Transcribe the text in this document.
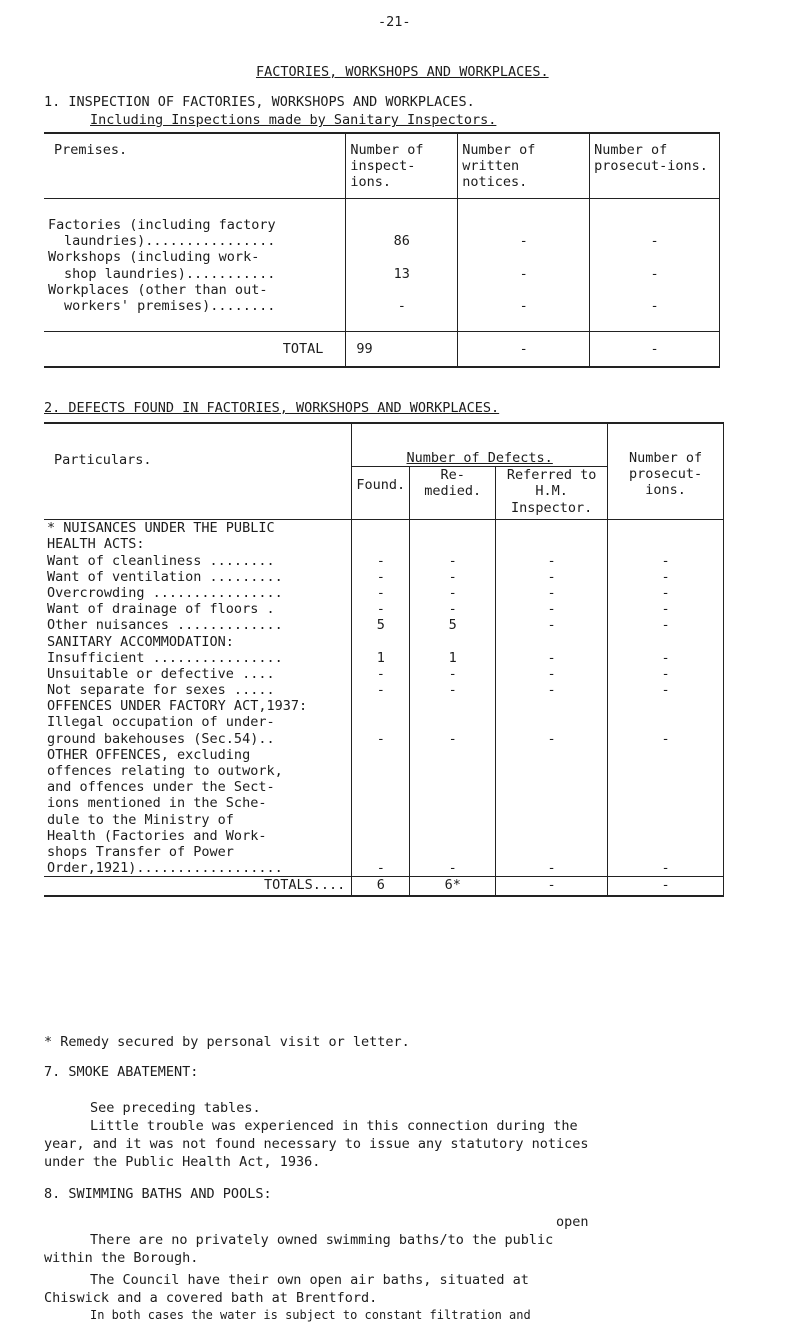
-21-
FACTORIES, WORKSHOPS AND WORKPLACES.
1. INSPECTION OF FACTORIES, WORKSHOPS AND WORKPLACES.
Including Inspections made by Sanitary Inspectors.
Premises.	Number of inspect-ions.	Number of written notices.	Number of prosecut-ions.

Factories (including factory
laundries)................	86	-	-

Workshops (including work-
shop laundries)...........	13	-	-

Workplaces (other than out-
workers' premises)........	-	-	-

TOTAL	99	-	-
2. DEFECTS FOUND IN FACTORIES, WORKSHOPS AND WORKPLACES.
Particulars.	Number of Defects.			Number of prosecut-ions.
	Found.	Re-medied.	Referred to H.M. Inspector.	
* NUISANCES UNDER THE PUBLIC				
HEALTH ACTS:				
Want of cleanliness ........	-	-	-	-
Want of ventilation .........	-	-	-	-
Overcrowding ................	-	-	-	-
Want of drainage of floors .	-	-	-	-
Other nuisances .............	5	5	-	-
SANITARY ACCOMMODATION:				
Insufficient ................	1	1	-	-
Unsuitable or defective ....	-	-	-	-
Not separate for sexes .....	-	-	-	-
OFFENCES UNDER FACTORY ACT,1937:				
Illegal occupation of under-				
ground bakehouses (Sec.54)..	-	-	-	-
OTHER OFFENCES, excluding				
offences relating to outwork,				
and offences under the Sect-				
ions mentioned in the Sche-				
dule to the Ministry of				
Health (Factories and Work-				
shops Transfer of Power				
Order,1921)..................	-	-	-	-
TOTALS....	6	6*	-	-
* Remedy secured by personal visit or letter.
7. SMOKE ABATEMENT:
See preceding tables.
Little trouble was experienced in this connection during the
year, and it was not found necessary to issue any statutory notices
under the Public Health Act, 1936.
8. SWIMMING BATHS AND POOLS:
open
There are no privately owned swimming baths/to the public
within the Borough.
The Council have their own open air baths, situated at
Chiswick and a covered bath at Brentford.
In both cases the water is subject to constant filtration and
